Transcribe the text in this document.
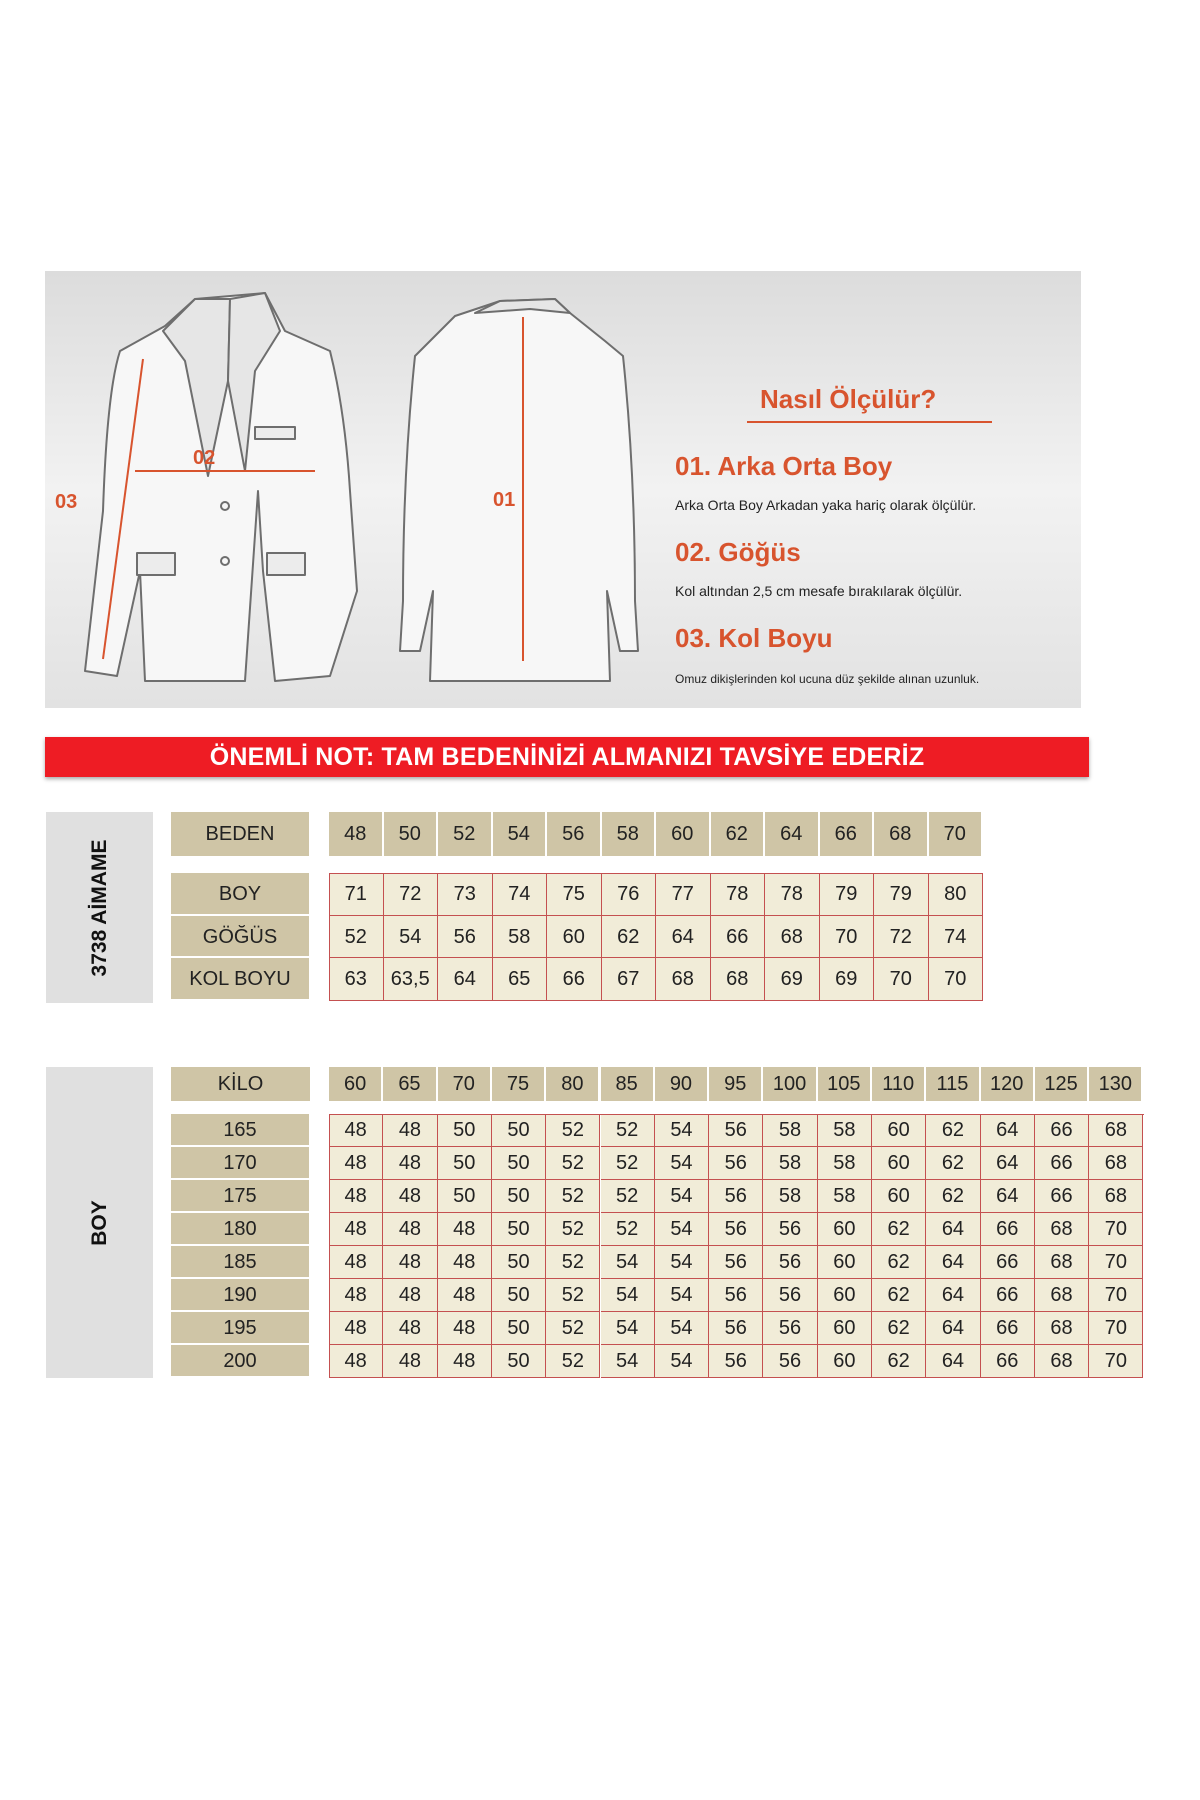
02
03	01
Nasıl Ölçülür?
01. Arka Orta Boy
Arka Orta Boy Arkadan yaka hariç olarak ölçülür.
02. Göğüs
Kol altından 2,5 cm mesafe bırakılarak ölçülür.
03. Kol Boyu
Omuz dikişlerinden kol ucuna düz şekilde alınan uzunluk.
ÖNEMLİ NOT: TAM BEDENİNİZİ ALMANIZI TAVSİYE EDERİZ
3738 AİMAME
BOY
BEDEN	48	50	52	54	56	58	60	62	64	66	68	70
BOY	71	72	73	74	75	76	77	78	78	79	79	80
GÖĞÜS	52	54	56	58	60	62	64	66	68	70	72	74
KOL BOYU	63	63,5	64	65	66	67	68	68	69	69	70	70
KİLO	60	65	70	75	80	85	90	95	100	105	110	115	120	125	130
165	48	48	50	50	52	52	54	56	58	58	60	62	64	66	68
170	48	48	50	50	52	52	54	56	58	58	60	62	64	66	68
175	48	48	50	50	52	52	54	56	58	58	60	62	64	66	68
180	48	48	48	50	52	52	54	56	56	60	62	64	66	68	70
185	48	48	48	50	52	54	54	56	56	60	62	64	66	68	70
190	48	48	48	50	52	54	54	56	56	60	62	64	66	68	70
195	48	48	48	50	52	54	54	56	56	60	62	64	66	68	70
200	48	48	48	50	52	54	54	56	56	60	62	64	66	68	70
